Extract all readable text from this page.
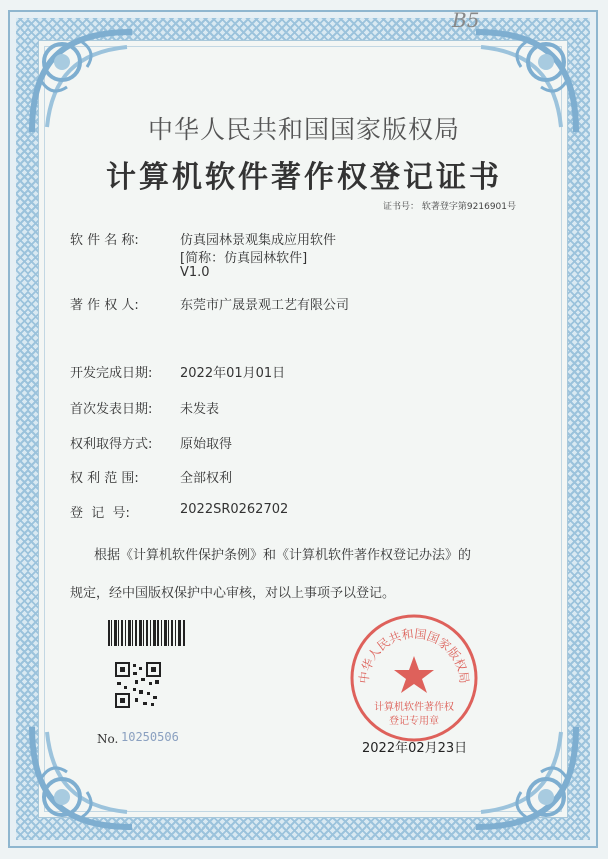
B5
中华人民共和国国家版权局
计算机软件著作权登记证书
证书号： 软著登字第9216901号
软 件 名 称:	仿真园林景观集成应用软件
[简称：仿真园林软件]
V1.0
著 作 权 人:	东莞市广晟景观工艺有限公司
开发完成日期: 2022年01月01日
首次发表日期: 未发表
权利取得方式: 原始取得
权 利 范 围:	全部权利
登  记  号:	2022SR0262702
根据《计算机软件保护条例》和《计算机软件著作权登记办法》的
规定，经中国版权保护中心审核，对以上事项予以登记。
No. 10250506
中华人民共和国国家版权局
计算机软件著作权
登记专用章
2022年02月23日
